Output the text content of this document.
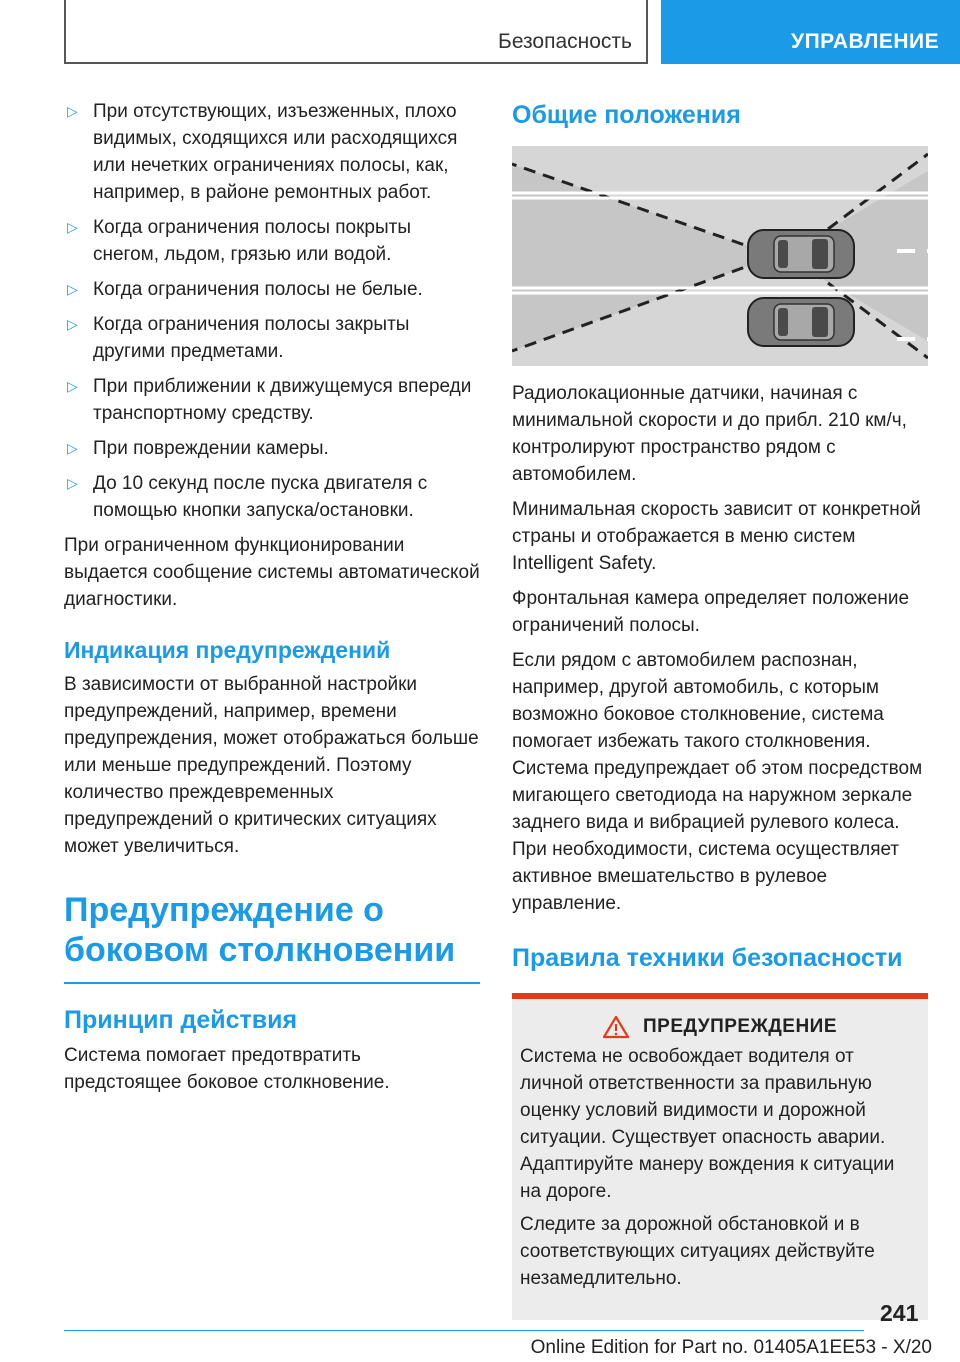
Безопасность	УПРАВЛЕНИЕ
▷ При отсутствующих, изъезженных, плохо видимых, сходящихся или расходящихся или нечетких ограничениях полосы, как, например, в районе ремонтных работ.
▷ Когда ограничения полосы покрыты снегом, льдом, грязью или водой.
▷ Когда ограничения полосы не белые.
▷ Когда ограничения полосы закрыты другими предметами.
▷ При приближении к движущемуся впереди транспортному средству.
▷ При повреждении камеры.
▷ До 10 секунд после пуска двигателя с помощью кнопки запуска/остановки.

При ограниченном функционировании выдается сообщение системы автоматической диагностики.

Индикация предупреждений

В зависимости от выбранной настройки предупреждений, например, времени предупреждения, может отображаться больше или меньше предупреждений. Поэтому количество преждевременных предупреждений о критических ситуациях может увеличиться.

Предупреждение о боковом столкновении
Принцип действия

Система помогает предотвратить предстоящее боковое столкновение.

Общие положения

Радиолокационные датчики, начиная с минимальной скорости и до прибл. 210 км/ч, контролируют пространство рядом с автомобилем.

Минимальная скорость зависит от конкретной страны и отображается в меню систем Intelligent Safety.

Фронтальная камера определяет положение ограничений полосы.

Если рядом с автомобилем распознан, например, другой автомобиль, с которым возможно боковое столкновение, система помогает избежать такого столкновения. Система предупреждает об этом посредством мигающего светодиода на наружном зеркале заднего вида и вибрацией рулевого колеса. При необходимости, система осуществляет активное вмешательство в рулевое управление.

Правила техники безопасности
ПРЕДУПРЕЖДЕНИЕ

Система не освобождает водителя от личной ответственности за правильную оценку условий видимости и дорожной ситуации. Существует опасность аварии. Адаптируйте манеру вождения к ситуации на дороге.

Следите за дорожной обстановкой и в соответствующих ситуациях действуйте незамедлительно.

241
Online Edition for Part no. 01405A1EE53 - X/20
